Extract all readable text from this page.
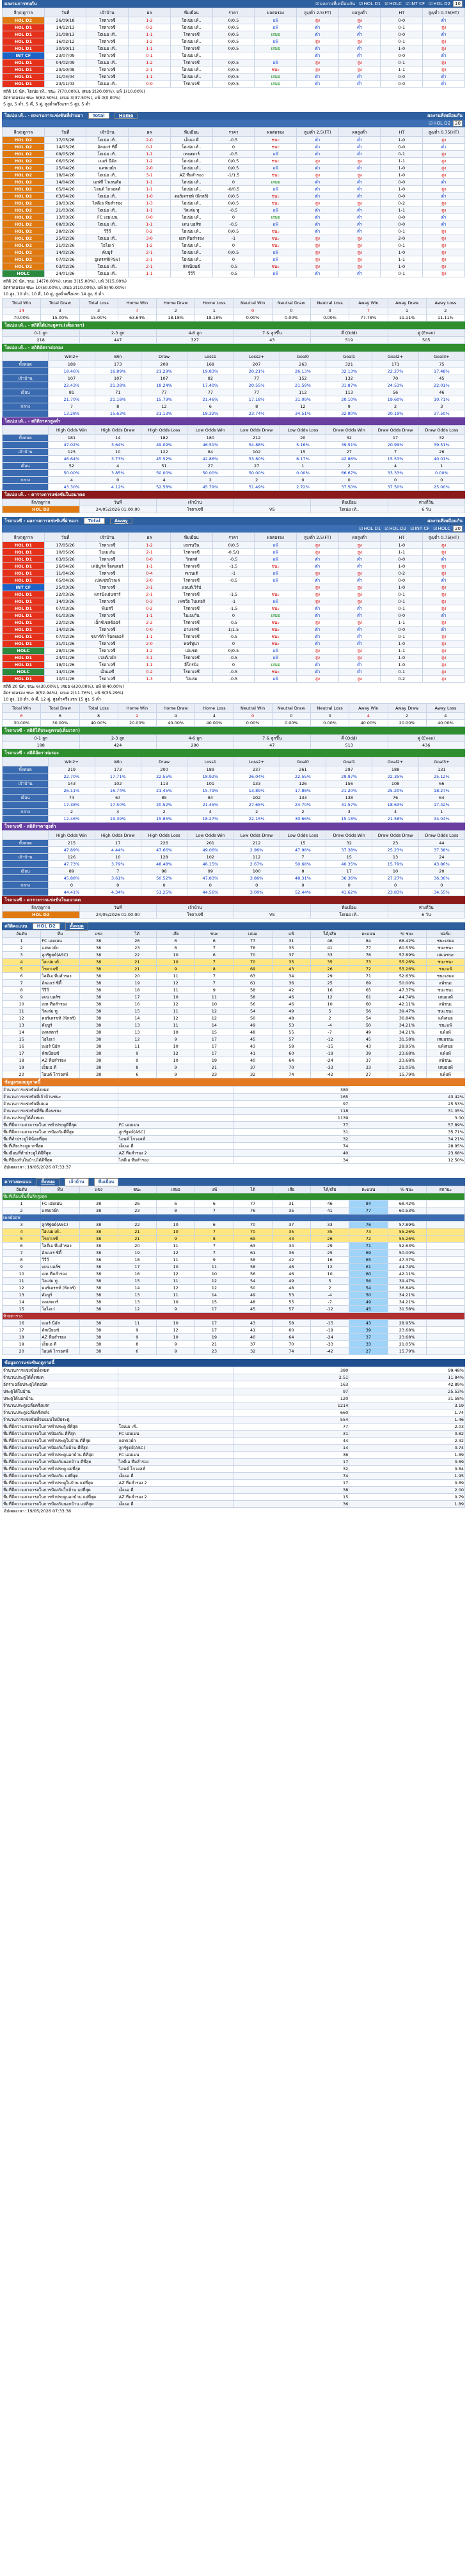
ผลงานการพบกัน	☑ ผลงานที่เหมือนกัน	☑ HOL D1	☑ HOLC	☑ INT CF	☑ HOL D2	10
ลีก/ฤดูกาล	วันที่	เจ้าบ้าน	ผล	ทีมเยือน	ราคา	ผลต่อรอง	สูง/ต่ำ 2.5(FT)	ผลสูงต่ำ	HT	สูง/ต่ำ 0.75(HT)
HOL D2	26/09/18	โรดาเจซี	1-2	โฮเน่ย เท้..	0/0.5	แพ้	สูง	สูง	0-0	ต่ำ
HOL D1	14/12/13	โรดาเจซี	0-2	โฮเน่ย เท้..	0/0.5	แพ้	ต่ำ	ต่ำ	0-1	สูง
HOL D1	31/08/13	โฮเน่ย เท้..	1-1	โรดาเจซี	0/0.5	เสมอ	ต่ำ	ต่ำ	0-0	ต่ำ
HOL D1	16/02/12	โรดาเจซี	1-2	โฮเน่ย เท้..	0/0.5	แพ้	สูง	สูง	0-1	สูง
HOL D1	30/10/11	โฮเน่ย เท้..	1-1	โรดาเจซี	0/0.5	เสมอ	ต่ำ	ต่ำ	1-0	สูง
INT CF	23/07/09	โรดาเจซี	0-1	โฮเน่ย เท้..			ต่ำ	ต่ำ	0-0	ต่ำ
HOL D1	04/02/09	โฮเน่ย เท้..	1-2	โรดาเจซี	0/0.5	แพ้	สูง	สูง	0-1	สูง
HOL D1	29/10/08	โรดาเจซี	2-1	โฮเน่ย เท้..	0/0.5	ชนะ	สูง	สูง	1-1	สูง
HOL D1	11/04/04	โรดาเจซี	1-1	โฮเน่ย เท้..	0/0.5	เสมอ	ต่ำ	ต่ำ	0-0	ต่ำ
HOL D1	23/11/03	โฮเน่ย เท้..	0-0	โรดาเจซี	0/0.5	เสมอ	ต่ำ	ต่ำ	0-0	ต่ำ
สถิติ 10 นัด, โฮเน่ย เท้.. ชนะ 7(70.00%), เสมอ 2(20.00%), แพ้ 1(10.00%)
อัตราต่อรอง ชนะ 5(62.50%), เสมอ 3(37.50%), แพ้ 0(0.00%)
5 สูง, 5 ต่ำ, 5 คี่, 5 คู่, สูงต่ำครึ่งแรก 5 สูง, 5 ต่ำ
โฮเน่ย เท้.. - ผลงานการแข่งขันที่ผ่านมา	Total	Home	ผลงานที่เหมือนกัน
☑ HOL D2	20
ลีก/ฤดูกาล	วันที่	เจ้าบ้าน	ผล	ทีมเยือน	ราคา	ผลต่อรอง	สูง/ต่ำ 2.5(FT)	ผลสูงต่ำ	HT	สูง/ต่ำ 0.75(HT)
HOL D2	17/05/26	โฮเน่ย เท้..	2-0	เอ็มเอ ดี	-0.5	ชนะ	ต่ำ	ต่ำ	1-0	สูง
HOL D2	14/05/26	อัลเมเร่ ซิตี้	0-1	โฮเน่ย เท้..	0	ชนะ	ต่ำ	ต่ำ	0-0	ต่ำ
HOL D2	09/05/26	โฮเน่ย เท้..	1-1	เทลสตาร์	-0.5	แพ้	ต่ำ	ต่ำ	0-1	สูง
HOL D2	06/05/26	เมอร์ นีอัส	1-2	โฮเน่ย เท้..	0/0.5	ชนะ	สูง	สูง	1-1	สูง
HOL D2	25/04/26	แคทเวย์ก	2-0	โฮเน่ย เท้..	0/0.5	แพ้	ต่ำ	ต่ำ	1-0	สูง
HOL D2	18/04/26	โฮเน่ย เท้..	3-1	AZ ทีมสำรอง	-1/1.5	ชนะ	สูง	สูง	1-0	สูง
HOL D2	14/04/26	เอฟซี โวเลนดัม	1-1	โฮเน่ย เท้..	0	เสมอ	ต่ำ	ต่ำ	0-0	ต่ำ
HOL D2	05/04/26	ไอนด์ โกวอลฟ์	1-1	โฮเน่ย เท้..	-0/0.5	แพ้	ต่ำ	ต่ำ	1-0	สูง
HOL D2	03/04/26	โฮเน่ย เท้..	1-0	ดอร์เดรชท์ (พิกลร์)	0/0.5	ชนะ	ต่ำ	ต่ำ	0-0	ต่ำ
HOL D2	29/03/26	ไลดีเอ ทีมสำรอง	1-3	โฮเน่ย เท้..	0/0.5	ชนะ	สูง	สูง	0-2	สูง
HOL D2	21/03/26	โฮเน่ย เท้..	1-1	วิลเล่ม ทู	-0.5	แพ้	ต่ำ	ต่ำ	1-1	สูง
HOL D2	13/03/26	FC เอมเมน	0-0	โฮเน่ย เท้..	0	เสมอ	ต่ำ	ต่ำ	0-0	ต่ำ
HOL D2	08/03/26	โฮเน่ย เท้..	1-1	เดน บอส์ช	-0.5	แพ้	ต่ำ	ต่ำ	0-0	ต่ำ
HOL D2	28/02/26	วีวีวี	0-2	โฮเน่ย เท้..	0/0.5	ชนะ	ต่ำ	ต่ำ	0-1	สูง
HOL D2	25/02/26	โฮเน่ย เท้..	3-0	เยท ทีมสำรอง	-1	ชนะ	สูง	สูง	2-0	สูง
HOL D2	21/02/26	โอไอเว่	1-2	โฮเน่ย เท้..	0	ชนะ	สูง	สูง	0-1	สูง
HOL D2	14/02/26	คัมบูร์	2-1	โฮเน่ย เท้..	0/0.5	แพ้	สูง	สูง	1-0	สูง
HOL D2	07/02/26	อูเทรคท์(PSV)	2-1	โฮเน่ย เท้..	0	แพ้	สูง	สูง	1-1	สูง
HOL D2	03/02/26	โฮเน่ย เท้..	2-1	ลัสเนียนซ์	-0.5	ชนะ	สูง	สูง	1-0	สูง
HOLC	24/01/26	โฮเน่ย เท้..	1-1	วีวีวี	-0.5	แพ้	ต่ำ	ต่ำ	0-1	สูง
สถิติ 20 นัด, ชนะ 14(70.00%), เสมอ 3(15.00%), แพ้ 3(15.00%)
อัตราต่อรอง ชนะ 10(50.00%), เสมอ 2(10.00%), แพ้ 8(40.00%)
10 สูง, 10 ต่ำ, 10 คี่, 10 คู่, สูงต่ำครึ่งแรก 14 สูง, 6 ต่ำ
Total Win	Total Draw	Total Loss	Home Win	Home Draw	Home Loss	Neutral Win	Neutral Draw	Neutral Loss	Away Win	Away Draw	Away Loss
14	3	3	7	2	1	0	0	0	7	1	2
70.00%	15.00%	15.00%	63.64%	18.18%	18.18%	0.00%	0.00%	0.00%	77.78%	11.11%	11.11%
โฮเน่ย เท้.. - สถิติได้ประตูครบ(เต็มเวลา)
0-1 ลูก	2-3 ลูก	4-6 ลูก	7 & ลูกขึ้น	คี่ (Odd)	คู่ (Even)
218	447	327	43	519	505
โฮเน่ย เท้.. - สถิติอัตราต่อรอง
	Win2+	Win	Draw	Loss1	Loss2+	Goal0	Goal1	Goal2+	Goal3+
ทั้งหมด	189	173	208	168	207	263	321	171	75
	18.46%	16.89%	21.29%	19.83%	20.21%	26.13%	32.13%	22.27%	17.48%
เจ้าบ้าน	107	107	107	82	77	152	132	70	45
	22.43%	21.38%	18.24%	17.40%	20.55%	21.59%	31.87%	24.53%	22.01%
เยือน	81	71	77	77	77	112	113	56	46
	21.70%	21.18%	15.79%	21.46%	17.18%	31.09%	20.10%	19.60%	10.71%
กลาง	7	8	12	6	8	12	9	2	3
	13.28%	15.63%	21.13%	18.32%	23.74%	34.51%	32.80%	20.19%	37.50%
โฮเน่ย เท้.. - สถิติราคาสูงต่ำ
	High Odds Win	High Odds Draw	High Odds Loss	Low Odds Win	Low Odds Draw	Low Odds Loss	Draw Odds Win	Draw Odds Draw	Draw Odds Loss
ทั้งหมด	181	14	182	180	212	20	32	17	32
	47.02%	3.64%	49.09%	46.51%	54.88%	5.16%	39.51%	20.99%	39.51%
เจ้าบ้าน	125	10	122	84	102	15	27	7	26
	46.64%	3.73%	45.52%	42.86%	53.80%	6.17%	42.86%	15.53%	40.01%
เยือน	52	4	51	27	27	1	2	4	1
	50.00%	3.85%	50.00%	50.00%	50.00%	0.00%	66.67%	33.33%	0.00%
กลาง	4	0	4	2	2	0	0	0	0
	43.30%	4.12%	52.58%	45.79%	51.49%	2.72%	37.50%	37.50%	25.00%
โฮเน่ย เท้.. - ตารางการแข่งขันในอนาคต
ลีก/ฤดูกาล	วันที่	เจ้าบ้าน		ทีมเยือน	ห่างกี่วัน
HOL D2	24/05/2026 01:00:00	โรดาเจซี	VS	โฮเน่ย เท้..	6 วัน
โรดาเจซี - ผลงานการแข่งขันที่ผ่านมา	Total	Away	ผลงานที่เหมือนกัน
☑ HOL D1	☑ HOL D2	☑ INT CF	☑ HOLC	20
ลีก/ฤดูกาล	วันที่	เจ้าบ้าน	ผล	ทีมเยือน	ราคา	ผลต่อรอง	สูง/ต่ำ 2.5(FT)	ผลสูงต่ำ	HT	สูง/ต่ำ 0.75(HT)
HOL D1	17/05/26	โรดาเจซี	1-2	เฮเรนวีน	0/0.5	แพ้	สูง	สูง	1-0	สูง
HOL D1	10/05/26	ไนเมเก้น	2-1	โรดาเจซี	-0.5/1	แพ้	สูง	สูง	1-1	สูง
HOL D1	03/05/26	โรดาเจซี	0-0	วิเทสส์	-0.5	แพ้	ต่ำ	ต่ำ	0-0	ต่ำ
HOL D1	26/04/26	เฟย์นูร์ด ร็อตเตอร์	1-1	โรดาเจซี	-1.5	ชนะ	ต่ำ	ต่ำ	1-0	สูง
HOL D1	11/04/26	โรดาเจซี	0-4	ทเวนเต้	-1	แพ้	สูง	สูง	0-2	สูง
HOL D1	05/04/26	เปคเซ่ชโวลเล่	2-0	โรดาเจซี	-0.5	แพ้	ต่ำ	ต่ำ	0-0	ต่ำ
INT CF	25/03/26	โรดาเจซี	2-1	แอนต์เวิร์ป			สูง	สูง	1-0	สูง
HOL D1	22/03/26	แกรนิงเฮ่นชาร์	2-1	โรดาเจซี	-1.5	ชนะ	สูง	สูง	0-1	สูง
HOL D1	14/03/26	โรดาเจซี	0-3	เฟซวี่ย โบเดอร์	-1	แพ้	สูง	สูง	0-1	สูง
HOL D1	07/03/26	พีเอสวี	0-2	โรดาเจซี	-1.5	ชนะ	ต่ำ	ต่ำ	0-1	สูง
HOL D1	01/03/26	โรดาเจซี	1-1	ไนเมเก้น	0	เสมอ	ต่ำ	ต่ำ	0-0	ต่ำ
HOL D1	22/02/26	เอ็กซ์เซลซิออร์	2-2	โรดาเจซี	-0.5	ชนะ	สูง	สูง	1-1	สูง
HOL D1	14/02/26	โรดาเจซี	0-0	อาแจกซ์	1/1.5	ชนะ	ต่ำ	ต่ำ	0-0	ต่ำ
HOL D1	07/02/26	ซปาร์ต้า ร็อตเตอร์	1-1	โรดาเจซี	-0.5	ชนะ	ต่ำ	ต่ำ	0-1	สูง
HOL D1	31/01/26	โรดาเจซี	2-0	ฟอร์ทูน่า	0	ชนะ	ต่ำ	ต่ำ	1-0	สูง
HOLC	28/01/26	โรดาเจซี	1-2	เอแซด	0/0.5	แพ้	สูง	สูง	1-1	สูง
HOL D1	24/01/26	เวลต์เวย์ก	3-1	โรดาเจซี	-0.5	แพ้	สูง	สูง	1-0	สูง
HOL D1	18/01/26	โรดาเจซี	1-1	ฮีโกรนิง	0	เสมอ	ต่ำ	ต่ำ	1-0	สูง
HOLC	14/01/26	เอ็นเอซี	0-2	โรดาเจซี	-0.5	ชนะ	ต่ำ	ต่ำ	0-1	สูง
HOL D1	10/01/26	โรดาเจซี	1-3	วิลเลม	-0.5	แพ้	สูง	สูง	0-2	สูง
สถิติ 20 นัด, ชนะ 6(30.00%), เสมอ 6(30.00%), แพ้ 8(40.00%)
อัตราต่อรอง ชนะ 9(52.94%), เสมอ 2(11.76%), แพ้ 6(35.29%)
10 สูง, 10 ต่ำ, 8 คี่, 12 คู่, สูงต่ำครึ่งแรก 15 สูง, 5 ต่ำ
Total Win	Total Draw	Total Loss	Home Win	Home Draw	Home Loss	Neutral Win	Neutral Draw	Neutral Loss	Away Win	Away Draw	Away Loss
6	6	8	2	4	4	0	0	0	4	2	4
30.00%	30.00%	40.00%	20.00%	40.00%	40.00%	0.00%	0.00%	0.00%	40.00%	20.00%	40.00%
โรดาเจซี - สถิติได้ประตูครบ(เต็มเวลา)
0-1 ลูก	2-3 ลูก	4-6 ลูก	7 & ลูกขึ้น	คี่ (Odd)	คู่ (Even)
188	424	290	47	513	436
โรดาเจซี - สถิติอัตราต่อรอง
	Win2+	Win	Draw	Loss1	Loss2+	Goal0	Goal1	Goal2+	Goal3+
ทั้งหมด	219	173	200	189	237	261	297	188	131
	22.70%	17.71%	22.55%	18.92%	26.04%	22.55%	29.97%	22.35%	25.12%
เจ้าบ้าน	143	102	113	101	133	126	156	108	66
	26.11%	16.74%	21.45%	15.79%	13.89%	17.88%	21.20%	25.20%	18.27%
เยือน	74	67	85	84	102	133	138	76	64
	17.38%	17.50%	20.52%	21.45%	27.65%	24.70%	31.57%	18.63%	17.42%
กลาง	2	4	2	4	2	2	3	4	1
	12.46%	19.39%	15.85%	18.27%	22.15%	30.66%	15.18%	21.58%	34.04%
โรดาเจซี - สถิติราคาสูงต่ำ
	High Odds Win	High Odds Draw	High Odds Loss	Low Odds Win	Low Odds Draw	Low Odds Loss	Draw Odds Win	Draw Odds Draw	Draw Odds Loss
ทั้งหมด	215	17	226	201	212	15	32	23	44
	47.89%	4.44%	47.66%	49.06%	2.96%	47.98%	37.38%	25.23%	37.38%
เจ้าบ้าน	126	10	128	102	112	7	15	13	24
	47.73%	3.79%	48.48%	46.15%	2.67%	50.68%	40.35%	15.79%	43.86%
เยือน	89	7	98	99	100	8	17	10	20
	45.88%	3.61%	50.52%	47.83%	3.86%	48.31%	36.36%	27.27%	36.36%
กลาง	0	0	0	0	0	0	0	0	0
	44.41%	4.34%	51.25%	44.56%	3.00%	52.44%	41.62%	23.83%	34.55%
โรดาเจซี - ตารางการแข่งขันในอนาคต
ลีก/ฤดูกาล	วันที่	เจ้าบ้าน		ทีมเยือน	ห่างกี่วัน
HOL D2	24/05/2026 01:00:00	โรดาเจซี	VS	โฮเน่ย เท้..	6 วัน
สถิติคะแนน	HOL D2	ทั้งหมด
อันดับ	ทีม	แข่ง	ได้	เสีย	ชนะ	เสมอ	แพ้	ได้/เสีย	คะแนน	% ชนะ	ฟอร์ม
1	FC เอมเมน	38	26	6	6	77	31	46	84	68.42%	ชนะเสมอ
2	แคทเวย์ก	38	23	8	7	76	35	41	77	60.53%	ชนะชนะ
3	ลูกรัฐตย์(ASC)	38	22	10	6	70	37	33	76	57.89%	เสมอชนะ
4	โฮเน่ย เท้..	38	21	10	7	70	35	35	73	55.26%	ชนะชนะ
5	โรดาเจซี	38	21	9	8	69	43	26	72	55.26%	ชนะแพ้
6	ไลดีเอ ทีมสำรอง	38	20	11	7	63	34	29	71	52.63%	ชนะเสมอ
7	อัลเมเร่ ซิตี้	38	19	12	7	61	36	25	69	50.00%	แพ้ชนะ
8	วีวีวี	38	18	11	9	58	42	16	65	47.37%	ชนะชนะ
9	เดน บอส์ช	38	17	10	11	58	46	12	61	44.74%	เสมอแพ้
10	เยท ทีมสำรอง	38	16	12	10	56	46	10	60	42.11%	แพ้ชนะ
11	วิลเล่ม ทู	38	15	11	12	54	49	5	56	39.47%	ชนะชนะ
12	ดอร์เดรชท์ (พิกลร์)	38	14	12	12	50	48	2	54	36.84%	แพ้เสมอ
13	คัมบูร์	38	13	11	14	49	53	-4	50	34.21%	ชนะแพ้
14	เทลสตาร์	38	13	10	15	48	55	-7	49	34.21%	แพ้แพ้
15	โอไอเว่	38	12	9	17	45	57	-12	45	31.58%	เสมอชนะ
16	เมอร์ นีอัส	38	11	10	17	43	58	-15	43	28.95%	แพ้เสมอ
17	ลัสเนียนซ์	38	9	12	17	41	60	-19	39	23.68%	แพ้แพ้
18	AZ ทีมสำรอง	38	9	10	19	40	64	-24	37	23.68%	แพ้ชนะ
19	เอ็มเอ ดี	38	8	9	21	37	70	-33	33	21.05%	เสมอแพ้
20	ไอนด์ โกวอลฟ์	38	6	9	23	32	74	-42	27	15.79%	แพ้แพ้
ข้อมูลของฤดูกาลนี้
จำนวนการแข่งขันทั้งหมด		380	
จำนวนการแข่งขันที่เจ้าบ้านชนะ		165	43.42%
จำนวนการแข่งขันที่เสมอ		97	25.53%
จำนวนการแข่งขันที่ทีมเยือนชนะ		118	31.05%
จำนวนประตูได้ทั้งหมด		1139	3.00
ทีมที่มีความสามารถในการทำประตูดีที่สุด	FC เอมเมน	77	57.89%
ทีมที่มีความสามารถในการป้องกันดีที่สุด	ลูกรัฐตย์(ASC)	31	35.71%
ทีมที่ทำประตูได้น้อยที่สุด	ไอนด์ โกวอลฟ์	32	34.21%
ทีมที่เสียประตูมากที่สุด	เอ็มเอ ดี	74	28.95%
ทีมเยือนที่ทำประตูได้ดีที่สุด	AZ ทีมสำรอง 2	40	23.68%
ทีมที่ป้องกันในบ้านได้ดีที่สุด	ไลดีเอ ทีมสำรอง	34	12.50%
อัปเดตเวลา: 19/05/2026 07:33:37
ตารางคะแนน	ทั้งหมด	เจ้าบ้าน	ทีมเยือน
อันดับ	ทีม	แข่ง	ชนะ	เสมอ	แพ้	ได้	เสีย	ได้/เสีย	คะแนน	% ชนะ	สถานะ
ทีมที่เลื่อนชั้นขึ้นลีกสูงสุด											
1	FC เอมเมน	38	26	6	6	77	31	46	84	68.42%	
2	แคทเวย์ก	38	23	8	7	76	35	41	77	60.53%	
เพลย์ออฟ											
3	ลูกรัฐตย์(ASC)	38	22	10	6	70	37	33	76	57.89%	
4	โฮเน่ย เท้..	38	21	10	7	70	35	35	73	55.26%	
5	โรดาเจซี	38	21	9	8	69	43	26	72	55.26%	
6	ไลดีเอ ทีมสำรอง	38	20	11	7	63	34	29	71	52.63%	
7	อัลเมเร่ ซิตี้	38	19	12	7	61	36	25	69	50.00%	
8	วีวีวี	38	18	11	9	58	42	16	65	47.37%	
9	เดน บอส์ช	38	17	10	11	58	46	12	61	44.74%	
10	เยท ทีมสำรอง	38	16	12	10	56	46	10	60	42.11%	
11	วิลเล่ม ทู	38	15	11	12	54	49	5	56	39.47%	
12	ดอร์เดรชท์ (พิกลร์)	38	14	12	12	50	48	2	54	36.84%	
13	คัมบูร์	38	13	11	14	49	53	-4	50	34.21%	
14	เทลสตาร์	38	13	10	15	48	55	-7	49	34.21%	
15	โอไอเว่	38	12	9	17	45	57	-12	45	31.58%	
ท้ายตาราง											
16	เมอร์ นีอัส	38	11	10	17	43	58	-15	43	28.95%	
17	ลัสเนียนซ์	38	9	12	17	41	60	-19	39	23.68%	
18	AZ ทีมสำรอง	38	9	10	19	40	64	-24	37	23.68%	
19	เอ็มเอ ดี	38	8	9	21	37	70	-33	33	21.05%	
20	ไอนด์ โกวอลฟ์	38	6	9	23	32	74	-42	27	15.79%	
ข้อมูลการแข่งขันฤดูกาลนี้
จำนวนการแข่งขันทั้งหมด		380	99.48%
จำนวนประตูได้ทั้งหมด		2.51	11.84%
อัตราเฉลี่ยประตูได้ต่อนัด		163	42.89%
ประตูได้ในบ้าน		97	25.53%
ประตูได้นอกบ้าน		120	31.58%
จำนวนประตูเฉลี่ยครึ่งแรก		1214	3.19
จำนวนประตูเฉลี่ยครึ่งหลัง		660	1.74
จำนวนการแข่งขันที่จบแบบไม่มีประตู		554	1.46
ทีมที่มีความสามารถในการทำประตู ดีที่สุด	โฮเน่ย เท้..	77	2.03
ทีมที่มีความสามารถในการป้องกัน ดีที่สุด	FC เอมเมน	31	0.82
ทีมที่มีความสามารถในการทำประตูในบ้าน ดีที่สุด	แคทเวย์ก	44	2.32
ทีมที่มีความสามารถในการป้องกันในบ้าน ดีที่สุด	ลูกรัฐตย์(ASC)	14	0.74
ทีมที่มีความสามารถในการทำประตูนอกบ้าน ดีที่สุด	FC เอมเมน	36	1.89
ทีมที่มีความสามารถในการป้องกันนอกบ้าน ดีที่สุด	ไลดีเอ ทีมสำรอง	17	0.89
ทีมที่มีความสามารถในการทำประตู แย่ที่สุด	ไอนด์ โกวอลฟ์	32	0.84
ทีมที่มีความสามารถในการป้องกัน แย่ที่สุด	เอ็มเอ ดี	74	1.95
ทีมที่มีความสามารถในการทำประตูในบ้าน แย่ที่สุด	AZ ทีมสำรอง 2	17	0.89
ทีมที่มีความสามารถในการป้องกันในบ้าน แย่ที่สุด	เอ็มเอ ดี	38	2.00
ทีมที่มีความสามารถในการทำประตูนอกบ้าน แย่ที่สุด	AZ ทีมสำรอง 2	15	0.79
ทีมที่มีความสามารถในการป้องกันนอกบ้าน แย่ที่สุด	เอ็มเอ ดี	36	1.89
อัปเดตเวลา: 19/05/2026 07:33:36
